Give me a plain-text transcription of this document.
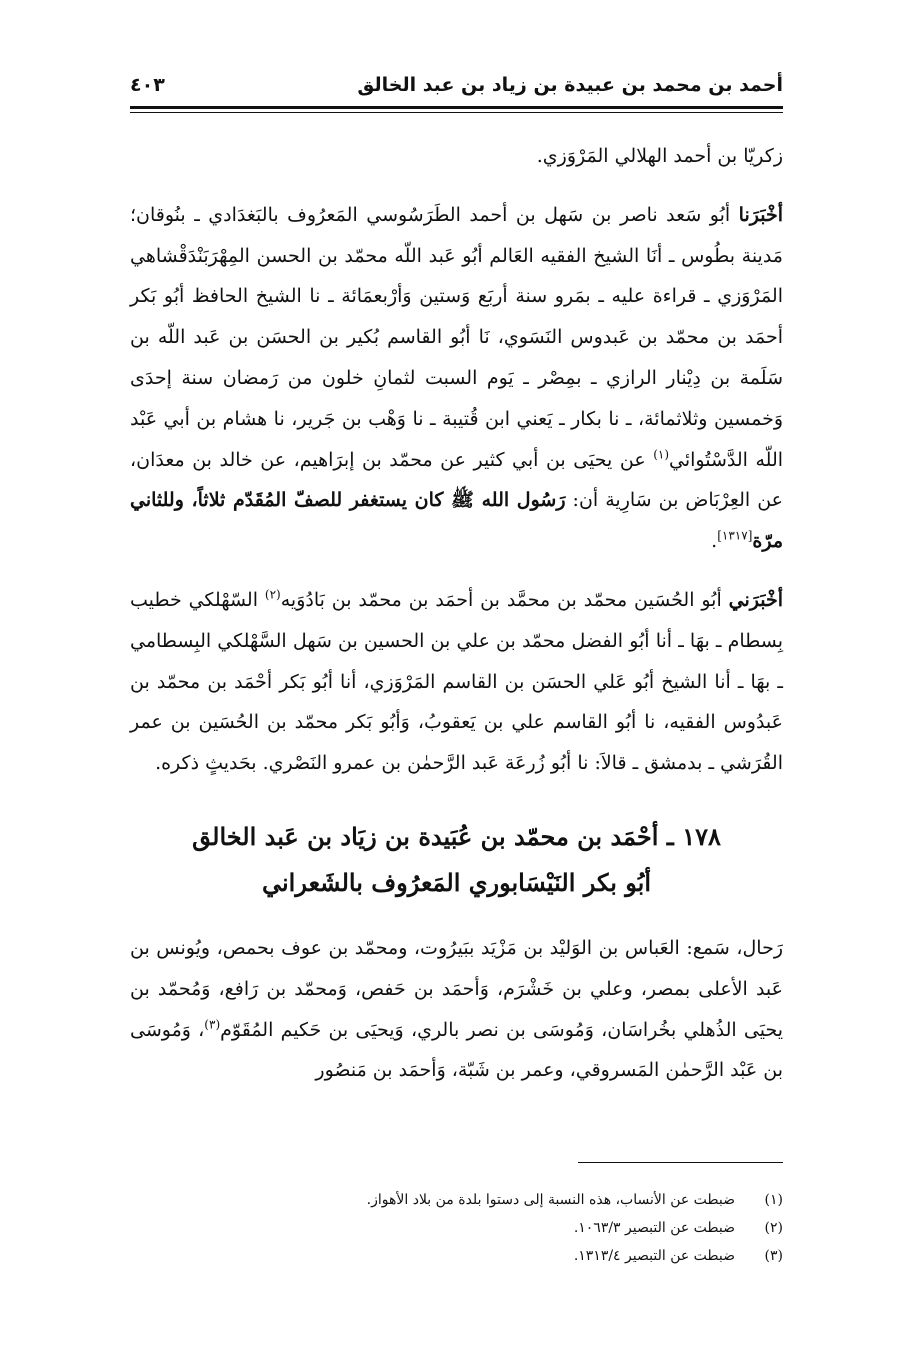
أحمد بن محمد بن عبيدة بن زياد بن عبد الخالق
٤٠٣

زكريّا بن أحمد الهلالي المَرْوَزي.

أخْبَرَنا أبُو سَعد ناصر بن سَهل بن أحمد الطَرَسُوسي المَعرُوف بالبَغدَادي ـ بنُوقان؛ مَدينة بطُوس ـ أنَا الشيخ الفقيه العَالم أبُو عَبد اللّه محمّد بن الحسن المِهْرَبَنْدَقْشاهي المَرْوَزي ـ قراءة عليه ـ بمَرو سنة أربَع وَستين وَأرْبعمَائة ـ نا الشيخ الحافظ أبُو بَكر أحمَد بن محمّد بن عَبدوس النَسَوي، نَا أبُو القاسم بُكير بن الحسَن بن عَبد اللّه بن سَلَمة بن دِيْنار الرازي ـ بمِصْر ـ يَوم السبت لثمانِ خلون من رَمضان سنة إحدَى وَخمسين وثلاثمائة، ـ نا بكار ـ يَعني ابن قُتيبة ـ نا وَهْب بن جَرير، نا هشام بن أبي عَبْد اللّه الدَّسْتُوائي$^{(١)}$ عن يحيَى بن أبي كثير عن محمّد بن إبرَاهيم، عن خالد بن معدَان، عن العِرْبَاض بن سَارِية أن: رَسُول الله ﷺ كان يستغفر للصفّ المُقَدّم ثلاثاً، وللثاني مرّة[١٣١٧].

أخْبَرَني أبُو الحُسَين محمّد بن محمَّد بن أحمَد بن محمّد بن بَادُوَيه$^{(٢)}$ السّهْلكي خطيب بِسطام ـ بهَا ـ أنا أبُو الفضل محمّد بن علي بن الحسين بن سَهل السَّهْلكي البِسطامي ـ بهَا ـ أنا الشيخ أبُو عَلي الحسَن بن القاسم المَرْوَزي، أنا أبُو بَكر أحْمَد بن محمّد بن عَبدُوس الفقيه، نا أبُو القاسم علي بن يَعقوبُ، وَأبُو بَكر محمّد بن الحُسَين بن عمر القُرَشي ـ بدمشق ـ قالاَ: نا أبُو زُرعَة عَبد الرَّحمٰن بن عمرو النَصْري. بحَديثٍ ذكره.

١٧٨ ـ أحْمَد بن محمّد بن عُبَيدة بن زيَاد بن عَبد الخالق
أبُو بكر النَيْسَابوري المَعرُوف بالشَعراني

رَحال، سَمع: العَباس بن الوَليْد بن مَزْيَد ببَيرُوت، ومحمّد بن عوف بحمص، ويُونس بن عَبد الأعلى بمصر، وعلي بن خَشْرَم، وَأحمَد بن حَفص، وَمحمّد بن رَافع، وَمُحمّد بن يحيَى الذُهلي بخُراسَان، وَمُوسَى بن نصر بالري، وَيحيَى بن حَكيم المُقَوّم$^{(٣)}$، وَمُوسَى بن عَبْد الرَّحمٰن المَسروقي، وعمر بن شَبّة، وَأحمَد بن مَنصُور

(١)
ضبطت عن الأنساب، هذه النسبة إلى دستوا بلدة من بلاد الأهواز.
(٢)
ضبطت عن التبصير ١٠٦٣/٣.
(٣)
ضبطت عن التبصير ١٣١٣/٤.
